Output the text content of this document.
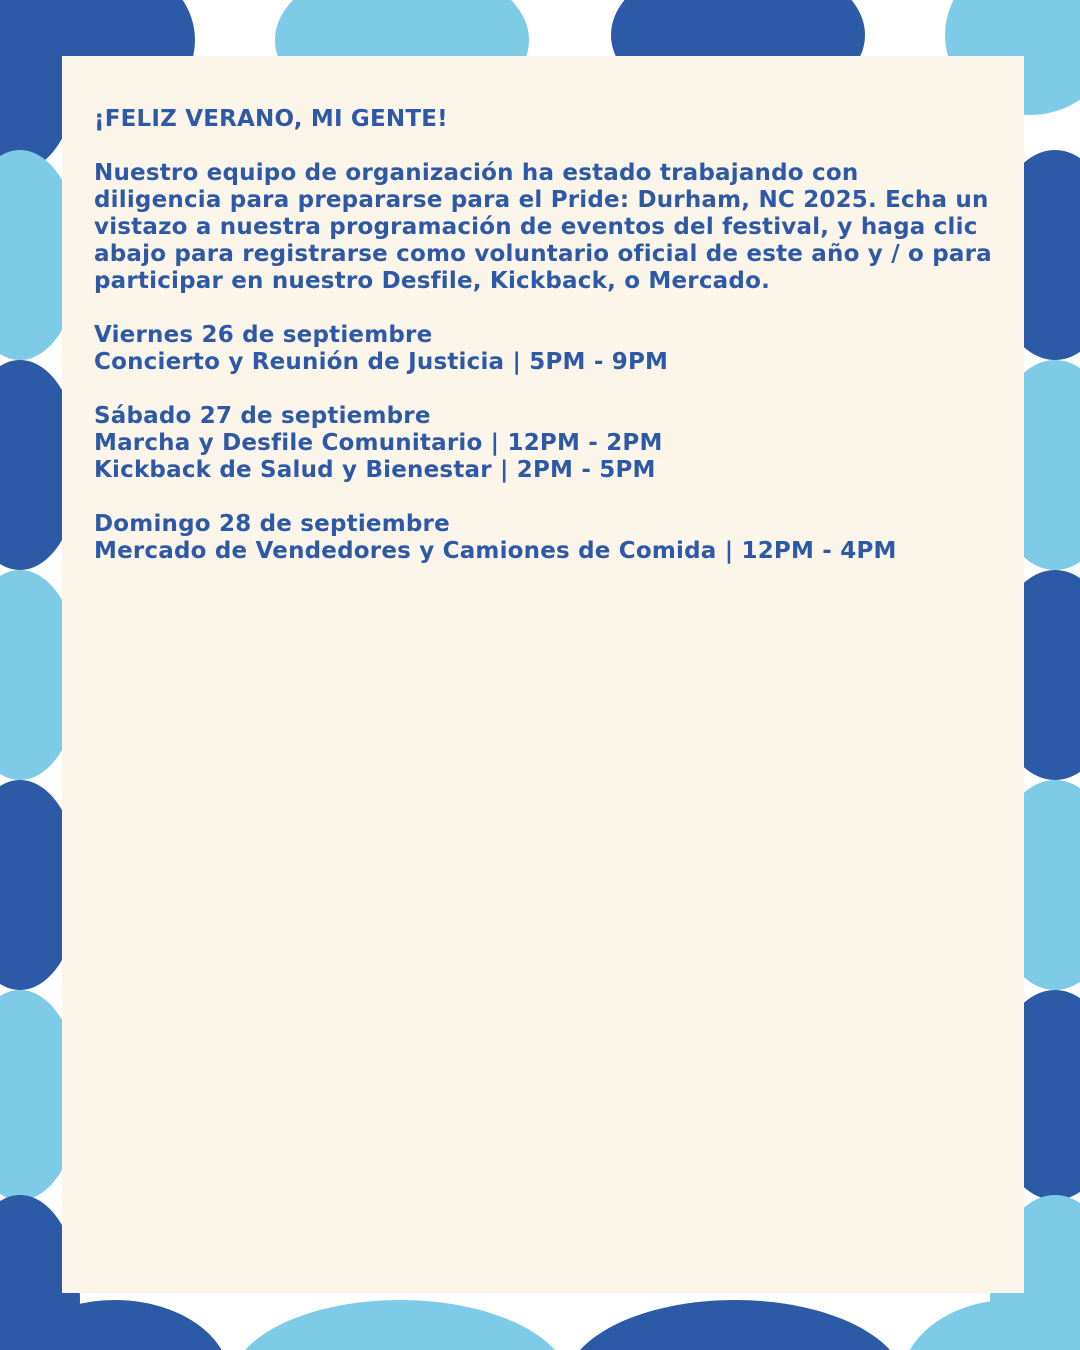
¡FELIZ VERANO, MI GENTE!
Nuestro equipo de organización ha estado trabajando con diligencia para prepararse para el Pride: Durham, NC 2025. Echa un vistazo a nuestra programación de eventos del festival, y haga clic abajo para registrarse como voluntario oficial de este año y / o para participar en nuestro Desfile, Kickback, o Mercado.
Viernes 26 de septiembre
Concierto y Reunión de Justicia | 5PM - 9PM
Sábado 27 de septiembre
Marcha y Desfile Comunitario | 12PM - 2PM
Kickback de Salud y Bienestar | 2PM - 5PM
Domingo 28 de septiembre
Mercado de Vendedores y Camiones de Comida | 12PM - 4PM
